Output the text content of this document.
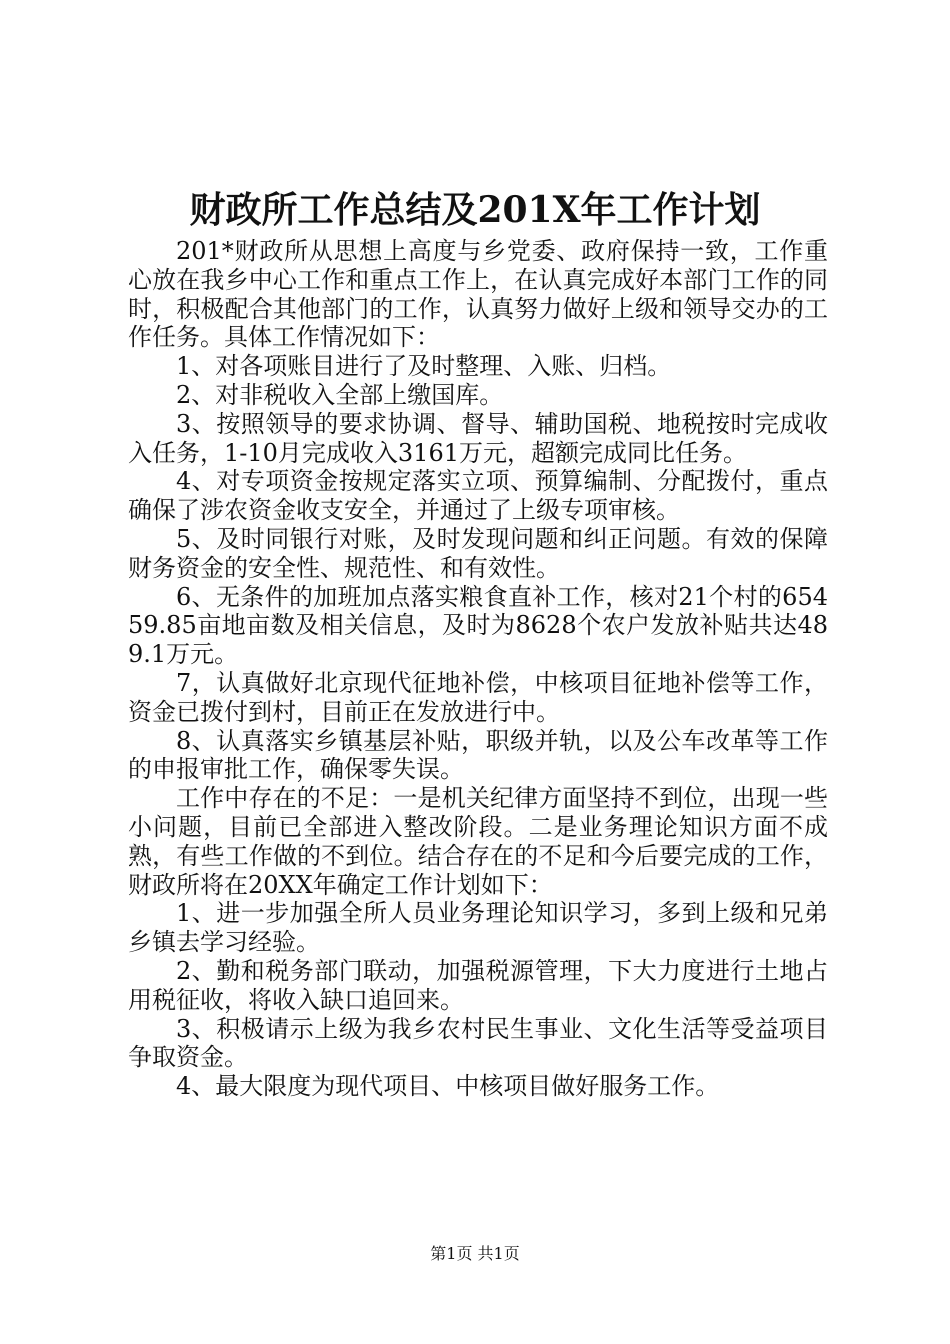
财政所工作总结及201X年工作计划

201*财政所从思想上高度与乡党委、政府保持一致，工作重心放在我乡中心工作和重点工作上，在认真完成好本部门工作的同时，积极配合其他部门的工作，认真努力做好上级和领导交办的工作任务。具体工作情况如下：

1、对各项账目进行了及时整理、入账、归档。

2、对非税收入全部上缴国库。

3、按照领导的要求协调、督导、辅助国税、地税按时完成收入任务，1-10月完成收入3161万元，超额完成同比任务。

4、对专项资金按规定落实立项、预算编制、分配拨付，重点确保了涉农资金收支安全，并通过了上级专项审核。

5、及时同银行对账，及时发现问题和纠正问题。有效的保障财务资金的安全性、规范性、和有效性。

6、无条件的加班加点落实粮食直补工作，核对21个村的65459.85亩地亩数及相关信息，及时为8628个农户发放补贴共达489.1万元。

7，认真做好北京现代征地补偿，中核项目征地补偿等工作，资金已拨付到村，目前正在发放进行中。

8、认真落实乡镇基层补贴，职级并轨，以及公车改革等工作的申报审批工作，确保零失误。

工作中存在的不足：一是机关纪律方面坚持不到位，出现一些小问题，目前已全部进入整改阶段。二是业务理论知识方面不成熟，有些工作做的不到位。结合存在的不足和今后要完成的工作，财政所将在20XX年确定工作计划如下：

1、进一步加强全所人员业务理论知识学习，多到上级和兄弟乡镇去学习经验。

2、勤和税务部门联动，加强税源管理，下大力度进行土地占用税征收，将收入缺口追回来。

3、积极请示上级为我乡农村民生事业、文化生活等受益项目争取资金。

4、最大限度为现代项目、中核项目做好服务工作。

第1页 共1页
